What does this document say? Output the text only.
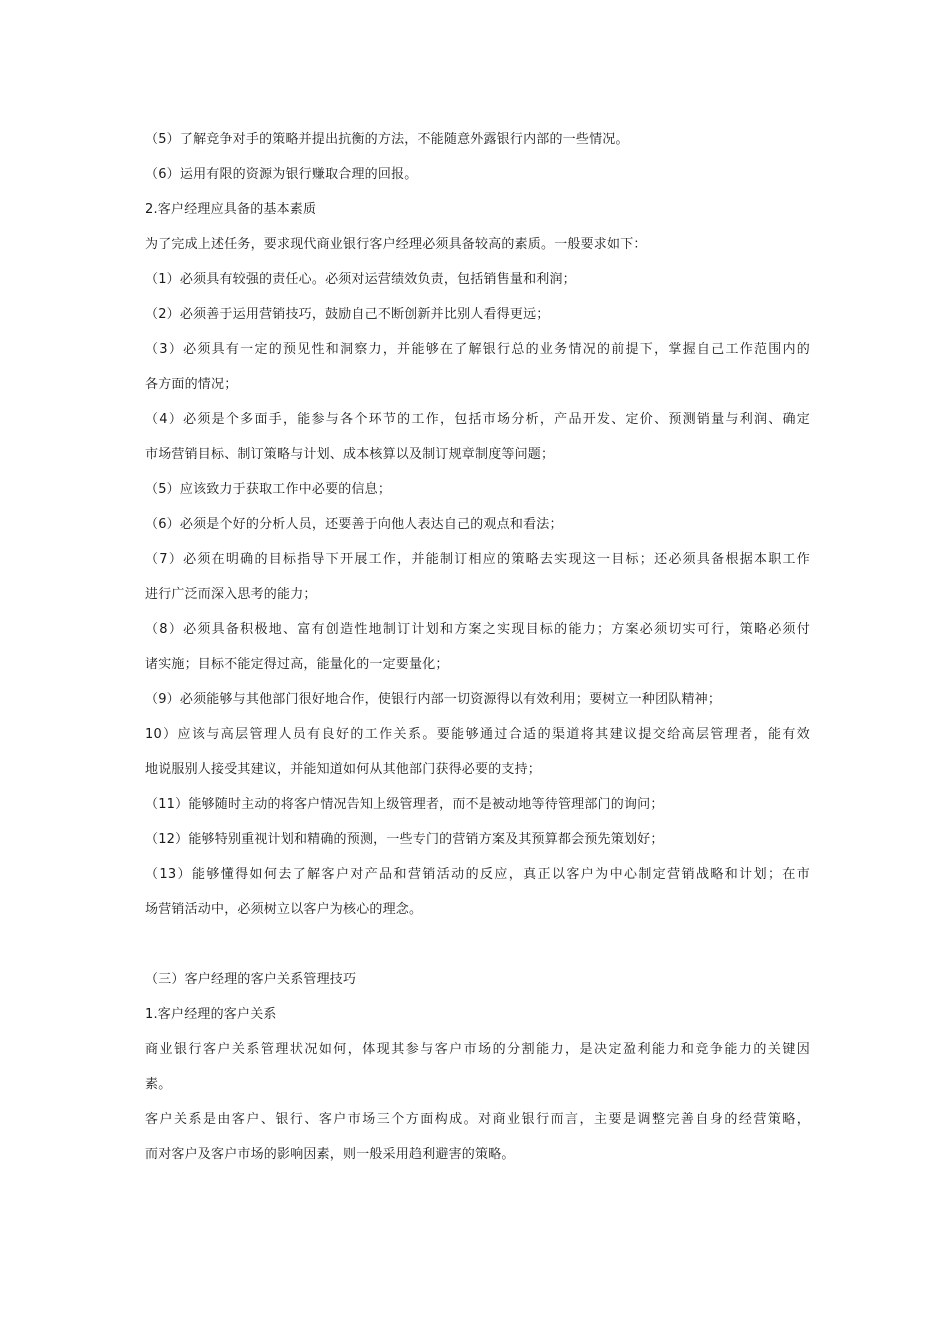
（5）了解竞争对手的策略并提出抗衡的方法，不能随意外露银行内部的一些情况。
（6）运用有限的资源为银行赚取合理的回报。
2.客户经理应具备的基本素质
为了完成上述任务，要求现代商业银行客户经理必须具备较高的素质。一般要求如下：
（1）必须具有较强的责任心。必须对运营绩效负责，包括销售量和利润；
（2）必须善于运用营销技巧，鼓励自己不断创新并比别人看得更远；
（3）必须具有一定的预见性和洞察力，并能够在了解银行总的业务情况的前提下，掌握自己工作范围内的
各方面的情况；
（4）必须是个多面手，能参与各个环节的工作，包括市场分析，产品开发、定价、预测销量与利润、确定
市场营销目标、制订策略与计划、成本核算以及制订规章制度等问题；
（5）应该致力于获取工作中必要的信息；
（6）必须是个好的分析人员，还要善于向他人表达自己的观点和看法；
（7）必须在明确的目标指导下开展工作，并能制订相应的策略去实现这一目标；还必须具备根据本职工作
进行广泛而深入思考的能力；
（8）必须具备积极地、富有创造性地制订计划和方案之实现目标的能力；方案必须切实可行，策略必须付
诸实施；目标不能定得过高，能量化的一定要量化；
（9）必须能够与其他部门很好地合作，使银行内部一切资源得以有效利用；要树立一种团队精神；
10）应该与高层管理人员有良好的工作关系。要能够通过合适的渠道将其建议提交给高层管理者，能有效
地说服别人接受其建议，并能知道如何从其他部门获得必要的支持；
（11）能够随时主动的将客户情况告知上级管理者，而不是被动地等待管理部门的询问；
（12）能够特别重视计划和精确的预测，一些专门的营销方案及其预算都会预先策划好；
（13）能够懂得如何去了解客户对产品和营销活动的反应，真正以客户为中心制定营销战略和计划；在市
场营销活动中，必须树立以客户为核心的理念。
（三）客户经理的客户关系管理技巧
1.客户经理的客户关系
商业银行客户关系管理状况如何，体现其参与客户市场的分割能力，是决定盈利能力和竞争能力的关键因
素。
客户关系是由客户、银行、客户市场三个方面构成。对商业银行而言，主要是调整完善自身的经营策略，
而对客户及客户市场的影响因素，则一般采用趋利避害的策略。
